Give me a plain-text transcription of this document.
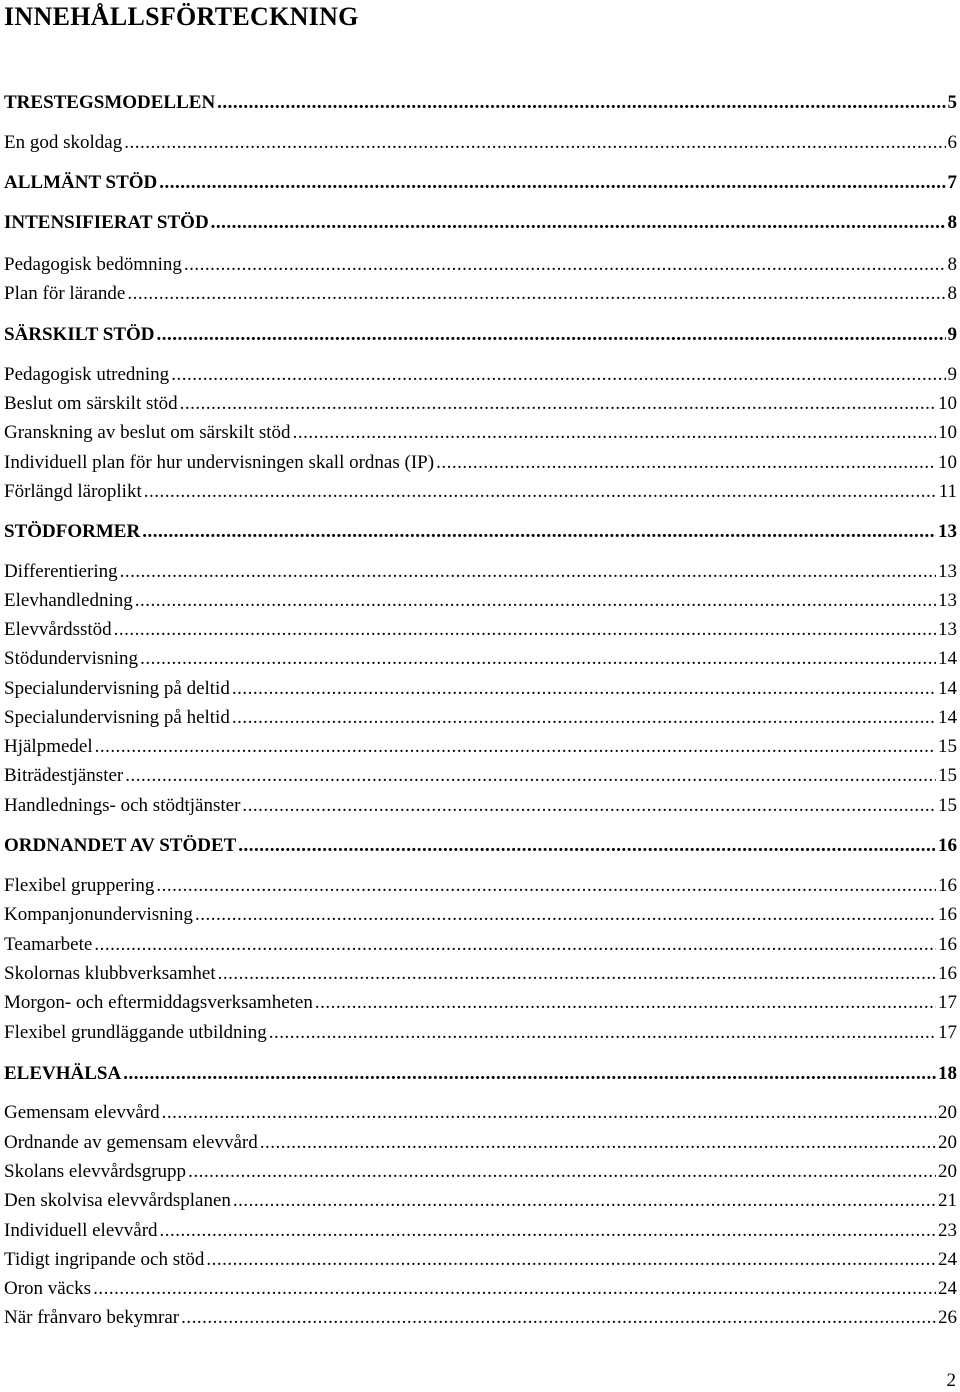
INNEHÅLLSFÖRTECKNING
TRESTEGSMODELLEN .....	5
En god skoldag .....	6
ALLMÄNT STÖD .....	7
INTENSIFIERAT STÖD .....	8
Pedagogisk bedömning .....	8
Plan för lärande .....	8
SÄRSKILT STÖD .....	9
Pedagogisk utredning .....	9
Beslut om särskilt stöd .....	10
Granskning av beslut om särskilt stöd .....	10
Individuell plan för hur undervisningen skall ordnas (IP) .....	10
Förlängd läroplikt .....	11
STÖDFORMER .....	13
Differentiering .....	13
Elevhandledning .....	13
Elevvårdsstöd .....	13
Stödundervisning .....	14
Specialundervisning på deltid .....	14
Specialundervisning på heltid .....	14
Hjälpmedel .....	15
Biträdestjänster .....	15
Handlednings- och stödtjänster .....	15
ORDNANDET AV STÖDET .....	16
Flexibel gruppering .....	16
Kompanjonundervisning .....	16
Teamarbete .....	16
Skolornas klubbverksamhet .....	16
Morgon- och eftermiddagsverksamheten .....	17
Flexibel grundläggande utbildning .....	17
ELEVHÄLSA .....	18
Gemensam elevvård .....	20
Ordnande av gemensam elevvård .....	20
Skolans elevvårdsgrupp .....	20
Den skolvisa elevvårdsplanen .....	21
Individuell elevvård .....	23
Tidigt ingripande och stöd .....	24
Oron väcks .....	24
När frånvaro bekymrar .....	26
2
